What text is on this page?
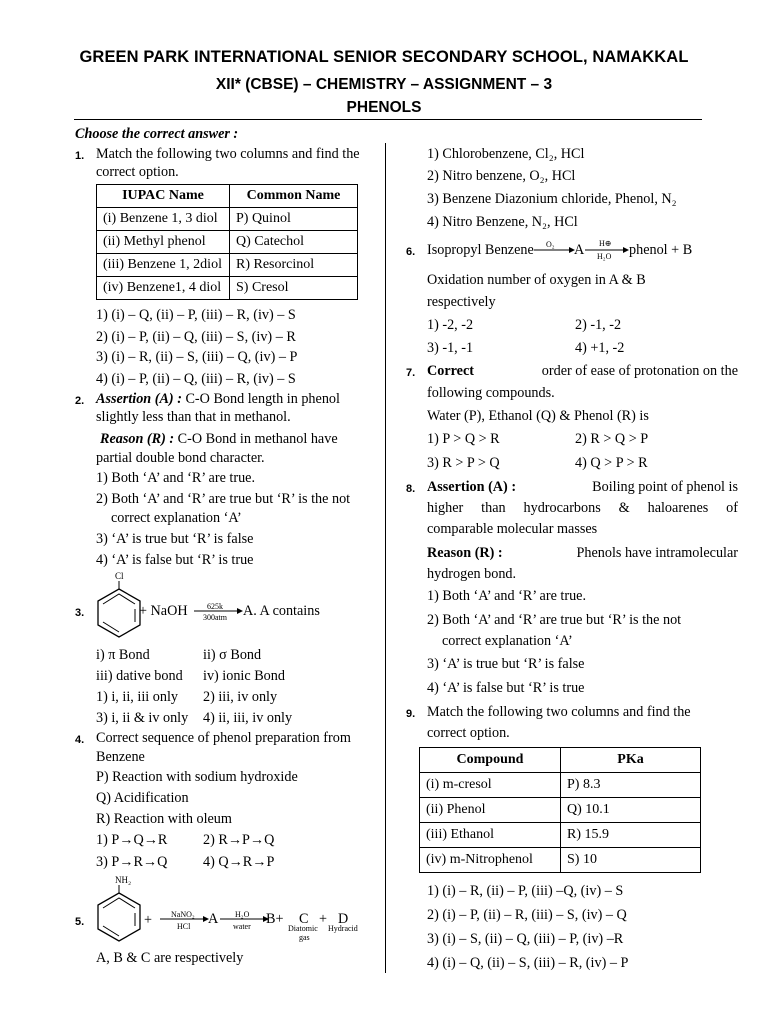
GREEN PARK INTERNATIONAL SENIOR SECONDARY SCHOOL, NAMAKKAL
XII* (CBSE) – CHEMISTRY – ASSIGNMENT – 3
PHENOLS
Choose the correct answer :
1. Match the following two columns and find the
correct option.
IUPAC Name	Common Name
(i) Benzene 1, 3 diol	P) Quinol
(ii) Methyl phenol	Q) Catechol
(iii) Benzene 1, 2diol	R) Resorcinol
(iv) Benzene1, 4 diol	S) Cresol
1) (i) – Q, (ii) – P, (iii) – R, (iv) – S
2) (i) – P, (ii) – Q, (iii) – S, (iv) – R
3) (i) – R, (ii) – S, (iii) – Q, (iv) – P
4) (i) – P, (ii) – Q, (iii) – R, (iv) – S
2. Assertion (A) : C-O Bond length in phenol
slightly less than that in methanol.
Reason (R) : C-O Bond in methanol have
partial double bond character.
1) Both ‘A’ and ‘R’ are true.
2) Both ‘A’ and ‘R’ are true but ‘R’ is the not
correct explanation ‘A’
3) ‘A’ is true but ‘R’ is false
4) ‘A’ is false but ‘R’ is true
3.
Cl
+ NaOH 625k
300atm → A. A contains
i) π Bond	ii) σ Bond
iii) dative bond iv) ionic Bond
1) i, ii, iii only 2) iii, iv only
3) i, ii & iv only 4) ii, iii, iv only
4. Correct sequence of phenol preparation from
Benzene
P) Reaction with sodium hydroxide
Q) Acidification
R) Reaction with oleum
1) P→Q→R	2) R→P→Q
3) P→R→Q	4) Q→R→P
5.
NH₂
+ NaNO₂
HCl A H₂O
water B+ C
Diatomic
gas
+ D
Hydracid
A, B & C are respectively
1) Chlorobenzene, Cl₂, HCl
2) Nitro benzene, O₂, HCl
3) Benzene Diazonium chloride, Phenol, N₂
4) Nitro Benzene, N₂, HCl
6. Isopropyl Benzene O₂ A H⊕
H₂O → phenol + B
Oxidation number of oxygen in A & B
respectively
1) -2, -2	2) -1, -2
3) -1, -1	4) +1, -2
7. Correct	order of ease of protonation on the
following compounds.
Water (P), Ethanol (Q) & Phenol (R) is
1) P > Q > R	2) R > Q > P
3) R > P > Q	4) Q > P > R
8. Assertion (A) :	Boiling point of phenol is
higher than hydrocarbons & haloarenes of
comparable molecular masses
Reason (R) :	Phenols have intramolecular
hydrogen bond.
1) Both ‘A’ and ‘R’ are true.
2) Both ‘A’ and ‘R’ are true but ‘R’ is the not
correct explanation ‘A’
3) ‘A’ is true but ‘R’ is false
4) ‘A’ is false but ‘R’ is true
9. Match the following two columns and find the
correct option.
Compound	PKa
(i) m-cresol	P) 8.3
(ii) Phenol	Q) 10.1
(iii) Ethanol	R) 15.9
(iv) m-Nitrophenol	S) 10
1) (i) – R, (ii) – P, (iii) –Q, (iv) – S
2) (i) – P, (ii) – R, (iii) – S, (iv) – Q
3) (i) – S, (ii) – Q, (iii) – P, (iv) –R
4) (i) – Q, (ii) – S, (iii) – R, (iv) – P
